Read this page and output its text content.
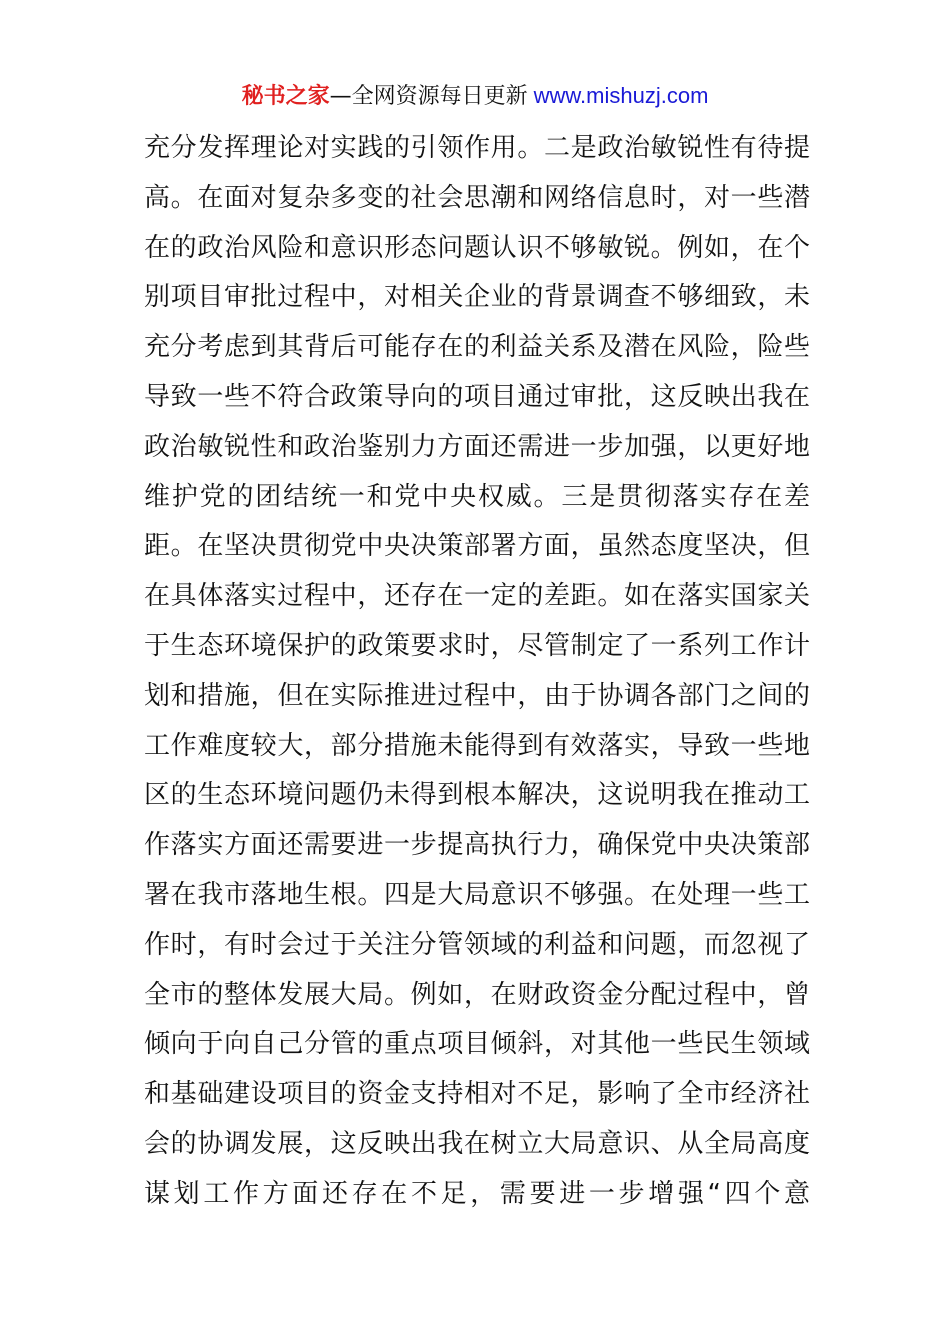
秘书之家—全网资源每日更新 www.mishuzj.com
充分发挥理论对实践的引领作用。二是政治敏锐性有待提
高。在面对复杂多变的社会思潮和网络信息时，对一些潜
在的政治风险和意识形态问题认识不够敏锐。例如，在个
别项目审批过程中，对相关企业的背景调查不够细致，未
充分考虑到其背后可能存在的利益关系及潜在风险，险些
导致一些不符合政策导向的项目通过审批，这反映出我在
政治敏锐性和政治鉴别力方面还需进一步加强，以更好地
维护党的团结统一和党中央权威。三是贯彻落实存在差
距。在坚决贯彻党中央决策部署方面，虽然态度坚决，但
在具体落实过程中，还存在一定的差距。如在落实国家关
于生态环境保护的政策要求时，尽管制定了一系列工作计
划和措施，但在实际推进过程中，由于协调各部门之间的
工作难度较大，部分措施未能得到有效落实，导致一些地
区的生态环境问题仍未得到根本解决，这说明我在推动工
作落实方面还需要进一步提高执行力，确保党中央决策部
署在我市落地生根。四是大局意识不够强。在处理一些工
作时，有时会过于关注分管领域的利益和问题，而忽视了
全市的整体发展大局。例如，在财政资金分配过程中，曾
倾向于向自己分管的重点项目倾斜，对其他一些民生领域
和基础建设项目的资金支持相对不足，影响了全市经济社
会的协调发展，这反映出我在树立大局意识、从全局高度
谋划工作方面还存在不足，需要进一步增强“四个意
